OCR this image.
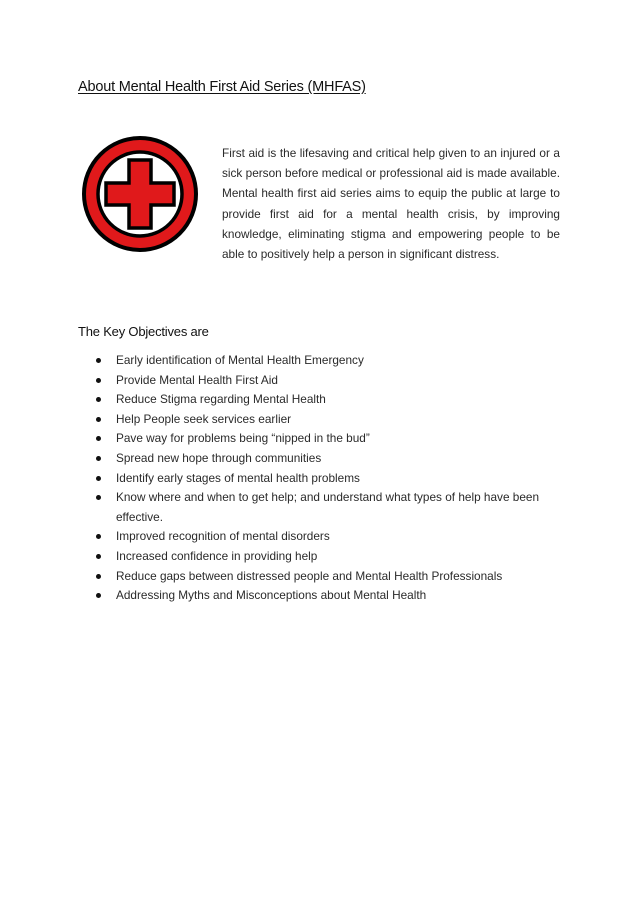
About Mental Health First Aid Series (MHFAS)

First aid is the lifesaving and critical help given to an injured or a sick person before medical or professional aid is made available. Mental health first aid series aims to equip the public at large to provide first aid for a mental health crisis, by improving knowledge, eliminating stigma and empowering people to be able to positively help a person in significant distress.

The Key Objectives are
Early identification of Mental Health Emergency
Provide Mental Health First Aid
Reduce Stigma regarding Mental Health
Help People seek services earlier
Pave way for problems being “nipped in the bud”
Spread new hope through communities
Identify early stages of mental health problems
Know where and when to get help; and understand what types of help have been effective.
Improved recognition of mental disorders
Increased confidence in providing help
Reduce gaps between distressed people and Mental Health Professionals
Addressing Myths and Misconceptions about Mental Health
